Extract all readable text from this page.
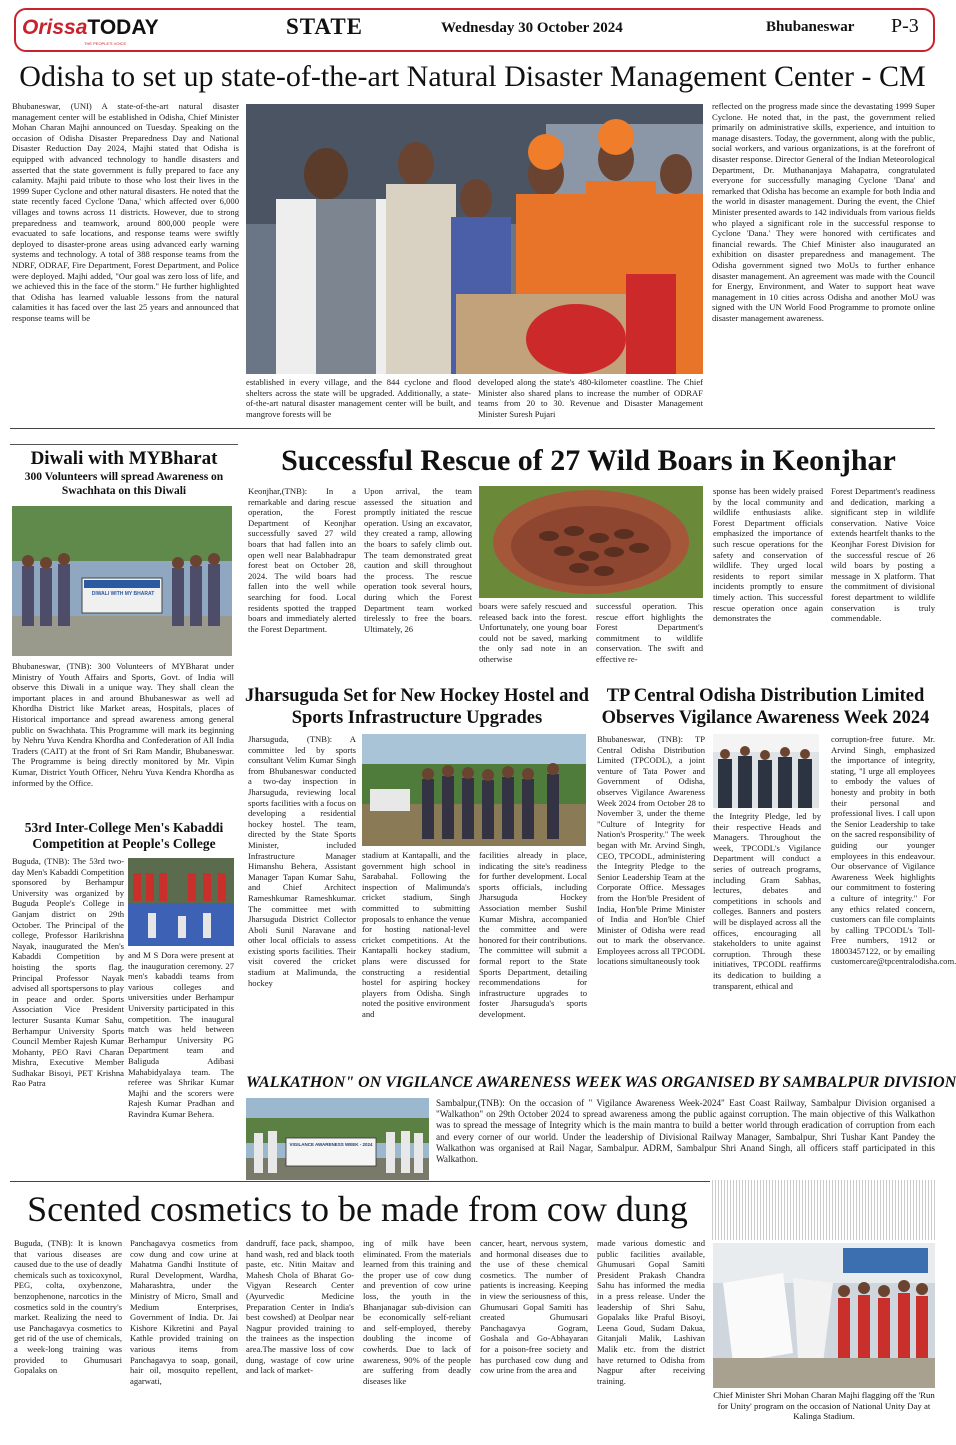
OrissaTODAY
THE PEOPLE'S VOICE
STATE	Wednesday 30 October 2024	Bhubaneswar P-3
Odisha to set up state-of-the-art Natural Disaster Management Center - CM
Bhubaneswar, (UNI) A state-of-the-art natural disaster management center will be established in Odisha, Chief Minister Mohan Charan Majhi announced on Tuesday. Speaking on the occasion of Odisha Disaster Preparedness Day and National Disaster Reduction Day 2024, Majhi stated that Odisha is equipped with advanced technology to handle disasters and asserted that the state government is fully prepared to face any calamity. Majhi paid tribute to those who lost their lives in the 1999 Super Cyclone and other natural disasters. He noted that the state recently faced Cyclone 'Dana,' which affected over 6,000 villages and towns across 11 districts. However, due to strong preparedness and teamwork, around 800,000 people were evacuated to safe locations, and response teams were swiftly deployed to disaster-prone areas using advanced early warning systems and technology. A total of 388 response teams from the NDRF, ODRAF, Fire Department, Forest Department, and Police were deployed. Majhi added, "Our goal was zero loss of life, and we achieved this in the face of the storm." He further highlighted that Odisha has learned valuable lessons from the natural calamities it has faced over the last 25 years and announced that response teams will be
established in every village, and the 844 cyclone and flood shelters across the state will be upgraded. Additionally, a state-of-the-art natural disaster management center will be built, and mangrove forests will be
developed along the state's 480-kilometer coastline. The Chief Minister also shared plans to increase the number of ODRAF teams from 20 to 30. Revenue and Disaster Management Minister Suresh Pujari
reflected on the progress made since the devastating 1999 Super Cyclone. He noted that, in the past, the government relied primarily on administrative skills, experience, and intuition to manage disasters. Today, the government, along with the public, social workers, and various organizations, is at the forefront of disaster response. Director General of the Indian Meteorological Department, Dr. Muthananjaya Mahapatra, congratulated everyone for successfully managing Cyclone 'Dana' and remarked that Odisha has become an example for both India and the world in disaster management. During the event, the Chief Minister presented awards to 142 individuals from various fields who played a significant role in the successful response to Cyclone 'Dana.' They were honored with certificates and financial rewards. The Chief Minister also inaugurated an exhibition on disaster preparedness and management. The Odisha government signed two MoUs to further enhance disaster management. An agreement was made with the Council for Energy, Environment, and Water to support heat wave management in 10 cities across Odisha and another MoU was signed with the UN World Food Programme to promote online disaster management awareness.
Diwali with MYBharat
300 Volunteers will spread Awareness on Swachhata on this Diwali
DIWALI WITH MY BHARAT
Bhubaneswar, (TNB): 300 Volunteers of MYBharat under Ministry of Youth Affairs and Sports, Govt. of India will observe this Diwali in a unique way. They shall clean the important places in and around Bhubaneswar as well ad Khordha District like Market areas, Hospitals, places of Historical importance and spread awareness among general public on Swachhata. This Programme will mark its beginning by Nehru Yuva Kendra Khordha and Confederation of All India Traders (CAIT) at the front of Sri Ram Mandir, Bhubaneswar. The Programme is being directly monitored by Mr. Vipin Kumar, District Youth Officer, Nehru Yuva Kendra Khordha as informed by the Office.
53rd Inter-College Men's Kabaddi Competition at People's College
Buguda, (TNB): The 53rd two-day Men's Kabaddi Competition sponsored by Berhampur University was organized by Buguda People's College in Ganjam district on 29th October. The Principal of the college, Professor Harikrishna Nayak, inaugurated the Men's Kabaddi Competition by hoisting the sports flag. Principal Professor Nayak advised all sportspersons to play in peace and order. Sports Association Vice President lecturer Susanta Kumar Sahu, Berhampur University Sports Council Member Rajesh Kumar Mohanty, PEO Ravi Charan Mishra, Executive Member Sudhakar Bisoyi, PET Krishna Rao Patra
and M S Dora were present at the inauguration ceremony. 27 men's kabaddi teams from various colleges and universities under Berhampur University participated in this competition. The inaugural match was held between Berhampur University PG Department team and Baliguda Adibasi Mahabidyalaya team. The referee was Shrikar Kumar Majhi and the scorers were Rajesh Kumar Pradhan and Ravindra Kumar Behera.
Successful Rescue of 27 Wild Boars in Keonjhar
Keonjhar,(TNB): In a remarkable and daring rescue operation, the Forest Department of Keonjhar successfully saved 27 wild boars that had fallen into an open well near Balabhadrapur forest beat on October 28, 2024. The wild boars had fallen into the well while searching for food. Local residents spotted the trapped boars and immediately alerted the Forest Department.
Upon arrival, the team assessed the situation and promptly initiated the rescue operation. Using an excavator, they created a ramp, allowing the boars to safely climb out. The team demonstrated great caution and skill throughout the process. The rescue operation took several hours, during which the Forest Department team worked tirelessly to free the boars. Ultimately, 26
boars were safely rescued and released back into the forest. Unfortunately, one young boar could not be saved, marking the only sad note in an otherwise
successful operation. This rescue effort highlights the Forest Department's commitment to wildlife conservation. The swift and effective re-
sponse has been widely praised by the local community and wildlife enthusiasts alike. Forest Department officials emphasized the importance of such rescue operations for the safety and conservation of wildlife. They urged local residents to report similar incidents promptly to ensure timely action. This successful rescue operation once again demonstrates the
Forest Department's readiness and dedication, marking a significant step in wildlife conservation. Native Voice extends heartfelt thanks to the Keonjhar Forest Division for the successful rescue of 26 wild boars by posting a message in X platform. That the commitment of divisional forest department to wildlife conservation is truly commendable.
Jharsuguda Set for New Hockey Hostel and Sports Infrastructure Upgrades
Jharsuguda, (TNB): A committee led by sports consultant Velim Kumar Singh from Bhubaneswar conducted a two-day inspection in Jharsuguda, reviewing local sports facilities with a focus on developing a residential hockey hostel. The team, directed by the State Sports Minister, included Infrastructure Manager Himanshu Behera, Assistant Manager Tapan Kumar Sahu, and Chief Architect Rameshkumar Rameshkumar. The committee met with Jharsuguda District Collector Aboli Sunil Naravane and other local officials to assess existing sports facilities. Their visit covered the cricket stadium at Malimunda, the hockey
stadium at Kantapalli, and the government high school in Sarabahal. Following the inspection of Malimunda's cricket stadium, Singh committed to submitting proposals to enhance the venue for hosting national-level cricket competitions. At the Kantapalli hockey stadium, plans were discussed for constructing a residential hostel for aspiring hockey players from Odisha. Singh noted the positive environment and
facilities already in place, indicating the site's readiness for further development. Local sports officials, including Jharsuguda Hockey Association member Sushil Kumar Mishra, accompanied the committee and were honored for their contributions. The committee will submit a formal report to the State Sports Department, detailing recommendations for infrastructure upgrades to foster Jharsuguda's sports development.
TP Central Odisha Distribution Limited Observes Vigilance Awareness Week 2024
Bhubaneswar, (TNB): TP Central Odisha Distribution Limited (TPCODL), a joint venture of Tata Power and Government of Odisha, observes Vigilance Awareness Week 2024 from October 28 to November 3, under the theme "Culture of Integrity for Nation's Prosperity." The week began with Mr. Arvind Singh, CEO, TPCODL, administering the Integrity Pledge to the Senior Leadership Team at the Corporate Office. Messages from the Hon'ble President of India, Hon'ble Prime Minister of India and Hon'ble Chief Minister of Odisha were read out to mark the observance. Employees across all TPCODL locations simultaneously took
the Integrity Pledge, led by their respective Heads and Managers. Throughout the week, TPCODL's Vigilance Department will conduct a series of outreach programs, including Gram Sabhas, lectures, debates and competitions in schools and colleges. Banners and posters will be displayed across all the offices, encouraging all stakeholders to unite against corruption. Through these initiatives, TPCODL reaffirms its dedication to building a transparent, ethical and
corruption-free future. Mr. Arvind Singh, emphasized the importance of integrity, stating, "I urge all employees to embody the values of honesty and probity in both their personal and professional lives. I call upon the Senior Leadership to take on the sacred responsibility of guiding our younger employees in this endeavour. Our observance of Vigilance Awareness Week highlights our commitment to fostering a culture of integrity." For any ethics related concern, customers can file complaints by calling TPCODL's Toll-Free numbers, 1912 or 18003457122, or by emailing customercare@tpcentralodisha.com.
WALKATHON" ON VIGILANCE AWARENESS WEEK WAS ORGANISED BY SAMBALPUR DIVISION
VIGILANCE AWARENESS WEEK - 2024
Sambalpur,(TNB): On the occasion of " Vigilance Awareness Week-2024" East Coast Railway, Sambalpur Division organised a "Walkathon" on 29th October 2024 to spread awareness among the public against corruption. The main objective of this Walkathon was to spread the message of Integrity which is the main mantra to build a better world through eradication of corruption from each and every corner of our world. Under the leadership of Divisional Railway Manager, Sambalpur, Shri Tushar Kant Pandey the Walkathon was organised at Rail Nagar, Sambalpur. ADRM, Sambalpur Shri Anand Singh, all officers staff participated in this Walkathon.
Scented cosmetics to be made from cow dung
Buguda, (TNB): It is known that various diseases are caused due to the use of deadly chemicals such as toxicoxynol, PEG, colta, oxybenzone, benzophenone, narcotics in the cosmetics sold in the country's market. Realizing the need to use Panchagavya cosmetics to get rid of the use of chemicals, a week-long training was provided to Ghumusari Gopalaks on
Panchagavya cosmetics from cow dung and cow urine at Mahatma Gandhi Institute of Rural Development, Wardha, Maharashtra, under the Ministry of Micro, Small and Medium Enterprises, Government of India. Dr. Jai Kishore Kikretini and Payal Kathle provided training on various items from Panchagavya to soap, gonail, hair oil, mosquito repellent, agarwati,
dandruff, face pack, shampoo, hand wash, red and black tooth paste, etc. Nitin Maitav and Mahesh Chola of Bharat Go-Vigyan Research Center (Ayurvedic Medicine Preparation Center in India's best cowshed) at Deolpar near Nagpur provided training to the trainees as the inspection area.The massive loss of cow dung, wastage of cow urine and lack of market-
ing of milk have been eliminated. From the materials learned from this training and the proper use of cow dung and prevention of cow urine loss, the youth in the Bhanjanagar sub-division can be economically self-reliant and self-employed, thereby doubling the income of cowherds. Due to lack of awareness, 90% of the people are suffering from deadly diseases like
cancer, heart, nervous system, and hormonal diseases due to the use of these chemical cosmetics. The number of patients is increasing. Keeping in view the seriousness of this, Ghumusari Gopal Samiti has created Ghumusari Panchagavya Gogram, Goshala and Go-Abhayaran for a poison-free society and has purchased cow dung and cow urine from the area and
made various domestic and public facilities available, Ghumusari Gopal Samiti President Prakash Chandra Sahu has informed the media in a press release. Under the leadership of Shri Sahu, Gopalaks like Praful Bisoyi, Leena Goud, Sudam Dakua, Gitanjali Malik, Lashivan Malik etc. from the district have returned to Odisha from Nagpur after receiving training.
Chief Minister Shri Mohan Charan Majhi flagging off the 'Run for Unity' program on the occasion of National Unity Day at Kalinga Stadium.
